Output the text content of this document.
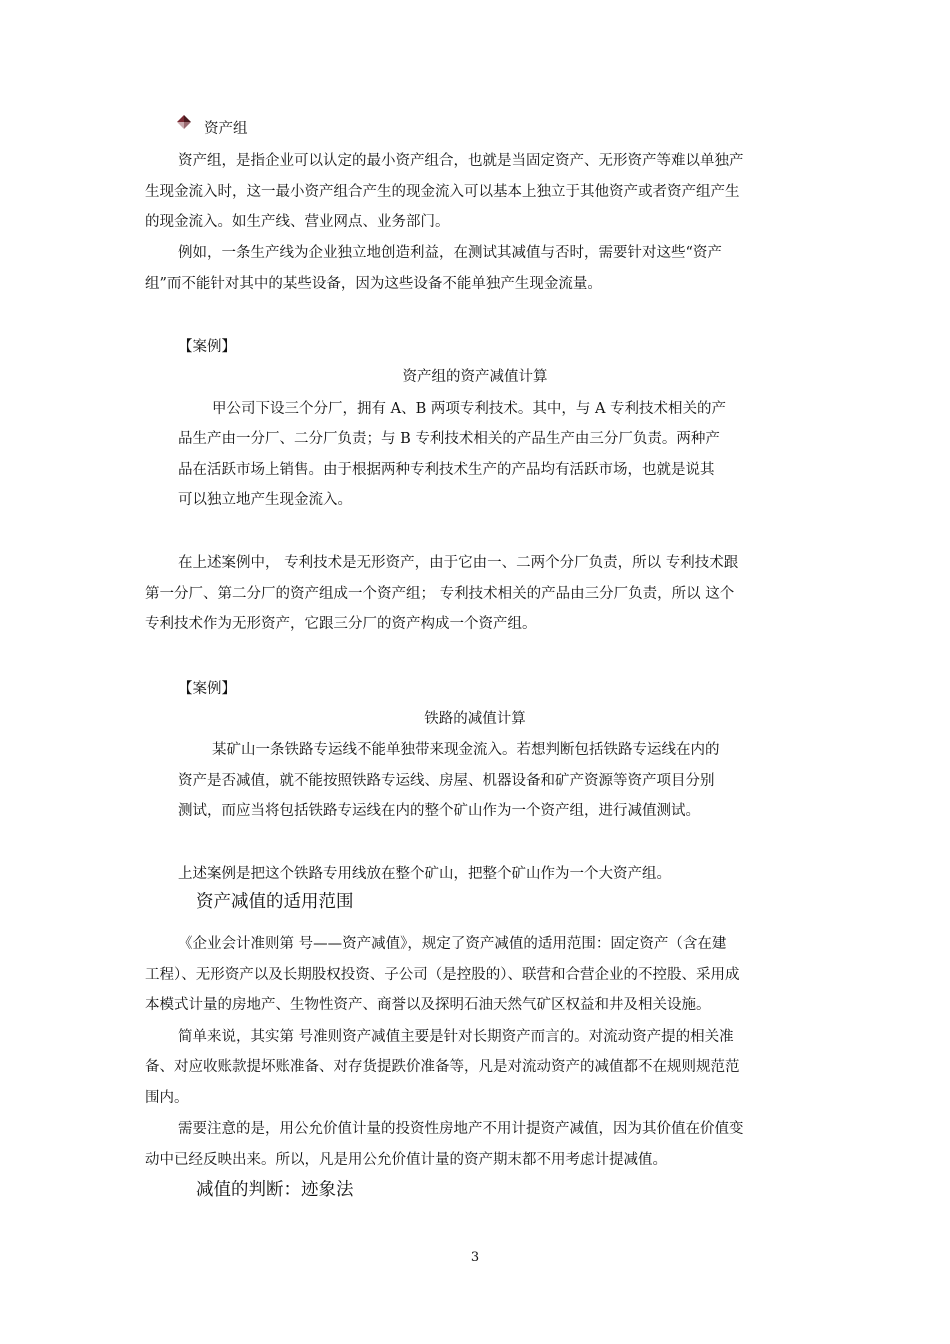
资产组
资产组，是指企业可以认定的最小资产组合，也就是当固定资产、无形资产等难以单独产
生现金流入时，这一最小资产组合产生的现金流入可以基本上独立于其他资产或者资产组产生
的现金流入。如生产线、营业网点、业务部门。
例如，一条生产线为企业独立地创造利益，在测试其减值与否时，需要针对这些“资产
组”而不能针对其中的某些设备，因为这些设备不能单独产生现金流量。
【案例】
资产组的资产减值计算
甲公司下设三个分厂，拥有 A、B 两项专利技术。其中，与 A 专利技术相关的产
品生产由一分厂、二分厂负责；与 B 专利技术相关的产品生产由三分厂负责。两种产
品在活跃市场上销售。由于根据两种专利技术生产的产品均有活跃市场，也就是说其
可以独立地产生现金流入。
在上述案例中， 专利技术是无形资产，由于它由一、二两个分厂负责，所以 专利技术跟
第一分厂、第二分厂的资产组成一个资产组； 专利技术相关的产品由三分厂负责，所以 这个
专利技术作为无形资产，它跟三分厂的资产构成一个资产组。
【案例】
铁路的减值计算
某矿山一条铁路专运线不能单独带来现金流入。若想判断包括铁路专运线在内的
资产是否减值，就不能按照铁路专运线、房屋、机器设备和矿产资源等资产项目分别
测试，而应当将包括铁路专运线在内的整个矿山作为一个资产组，进行减值测试。
上述案例是把这个铁路专用线放在整个矿山，把整个矿山作为一个大资产组。
资产减值的适用范围
《企业会计准则第 号——资产减值》，规定了资产减值的适用范围：固定资产（含在建
工程）、无形资产以及长期股权投资、子公司（是控股的）、联营和合营企业的不控股、采用成
本模式计量的房地产、生物性资产、商誉以及探明石油天然气矿区权益和井及相关设施。
简单来说，其实第 号准则资产减值主要是针对长期资产而言的。对流动资产提的相关准
备、对应收账款提坏账准备、对存货提跌价准备等，凡是对流动资产的减值都不在规则规范范
围内。
需要注意的是，用公允价值计量的投资性房地产不用计提资产减值，因为其价值在价值变
动中已经反映出来。所以，凡是用公允价值计量的资产期末都不用考虑计提减值。
减值的判断：迹象法
3
